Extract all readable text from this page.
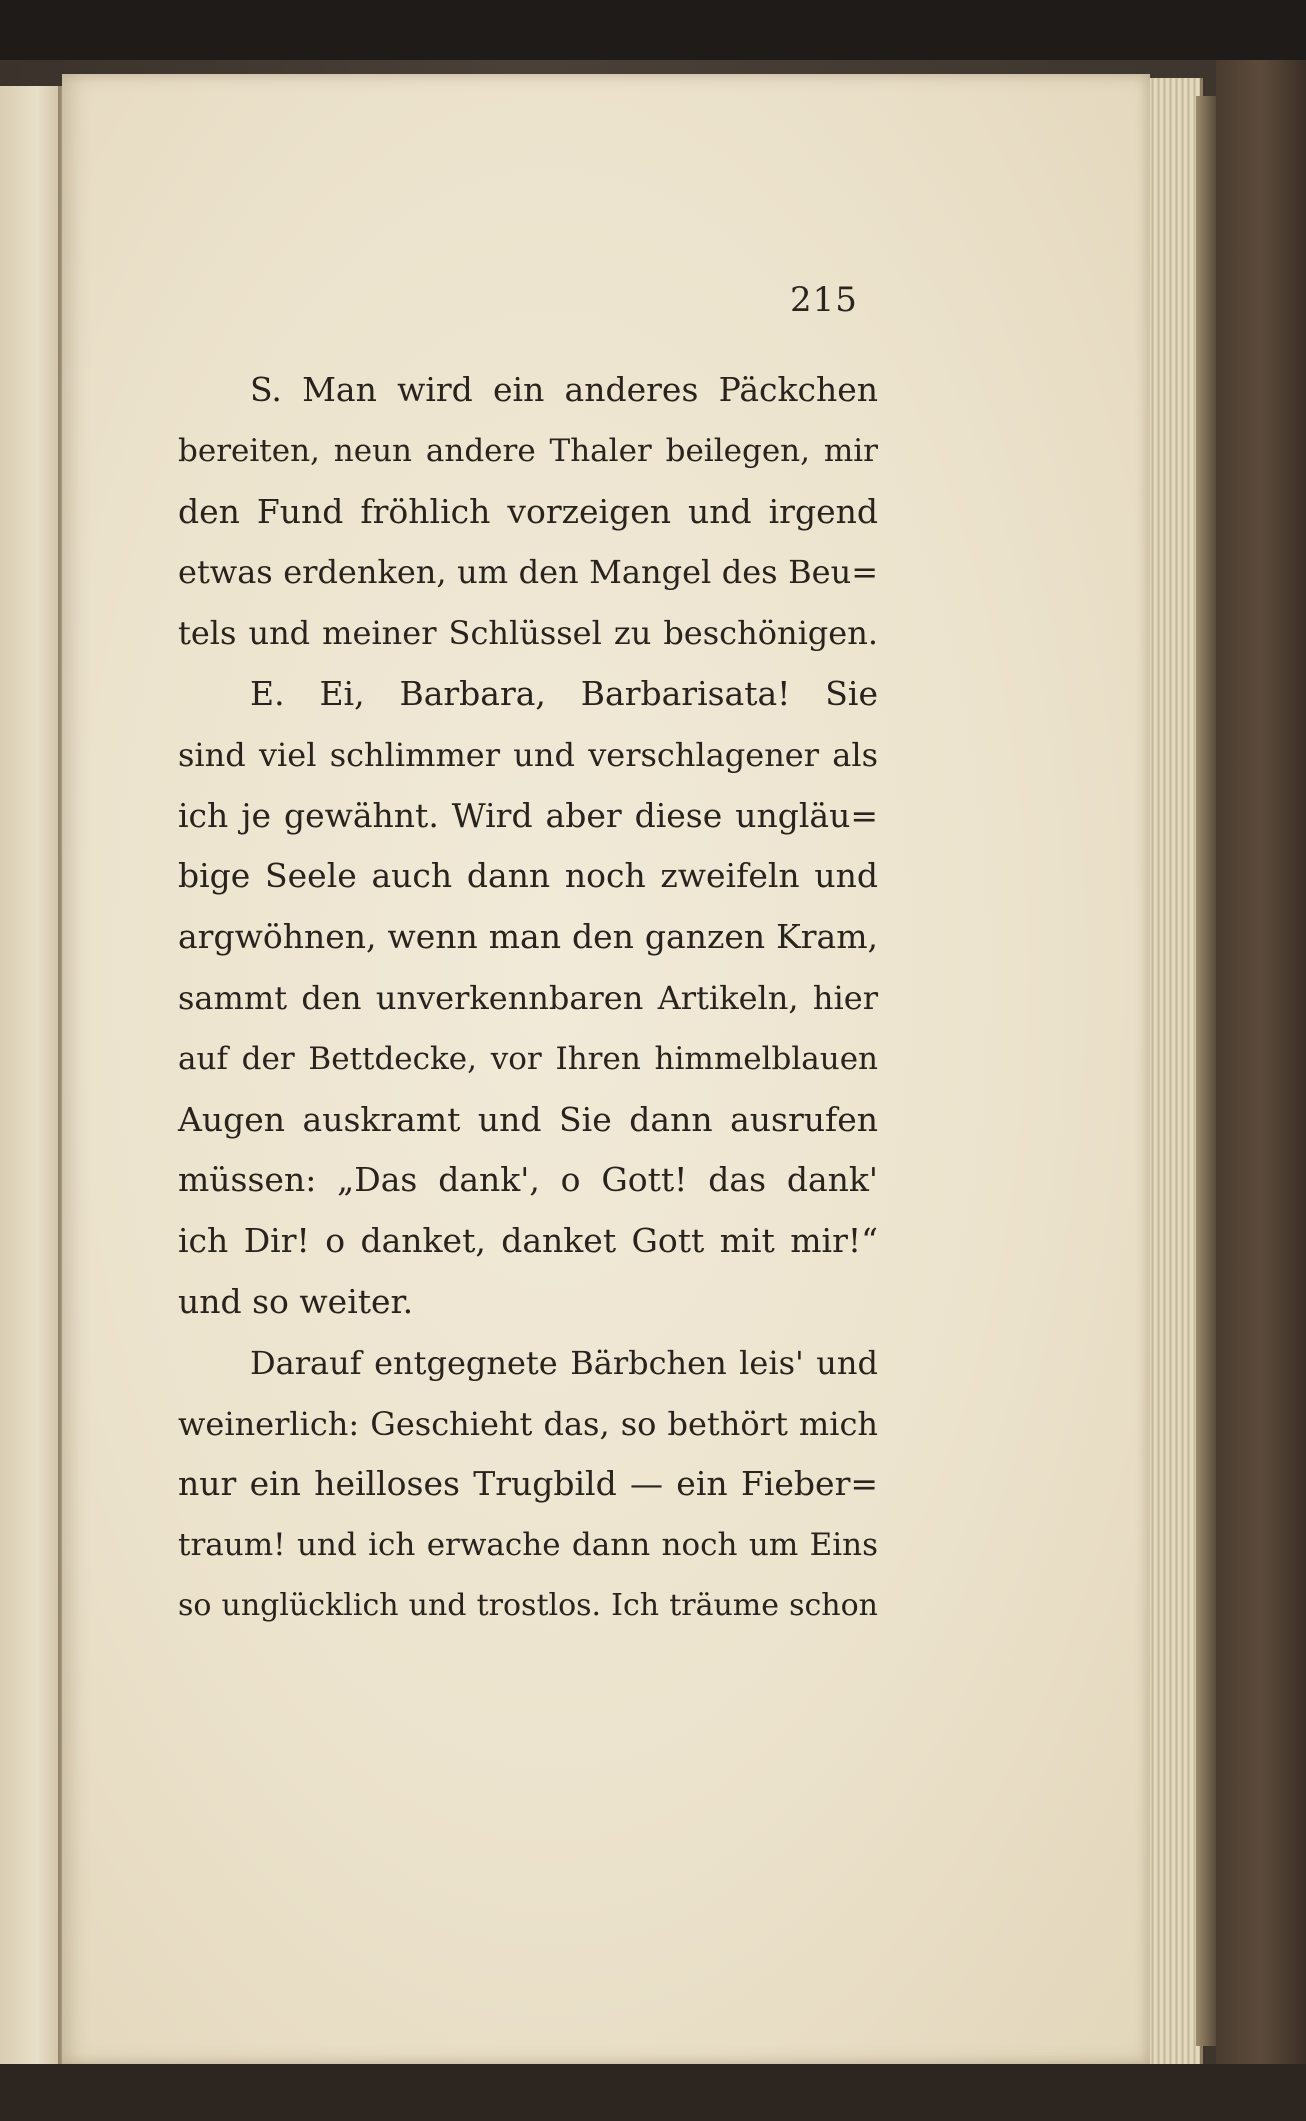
215
S. Man wird ein anderes Päckchen
bereiten, neun andere Thaler beilegen, mir
den Fund fröhlich vorzeigen und irgend
etwas erdenken, um den Mangel des Beu=
tels und meiner Schlüssel zu beschönigen.
E. Ei, Barbara, Barbarisata! Sie
sind viel schlimmer und verschlagener als
ich je gewähnt. Wird aber diese ungläu=
bige Seele auch dann noch zweifeln und
argwöhnen, wenn man den ganzen Kram,
sammt den unverkennbaren Artikeln, hier
auf der Bettdecke, vor Ihren himmelblauen
Augen auskramt und Sie dann ausrufen
müssen: „Das dank', o Gott! das dank'
ich Dir! o danket, danket Gott mit mir!“
und so weiter.
Darauf entgegnete Bärbchen leis' und
weinerlich: Geschieht das, so bethört mich
nur ein heilloses Trugbild — ein Fieber=
traum! und ich erwache dann noch um Eins
so unglücklich und trostlos. Ich träume schon
